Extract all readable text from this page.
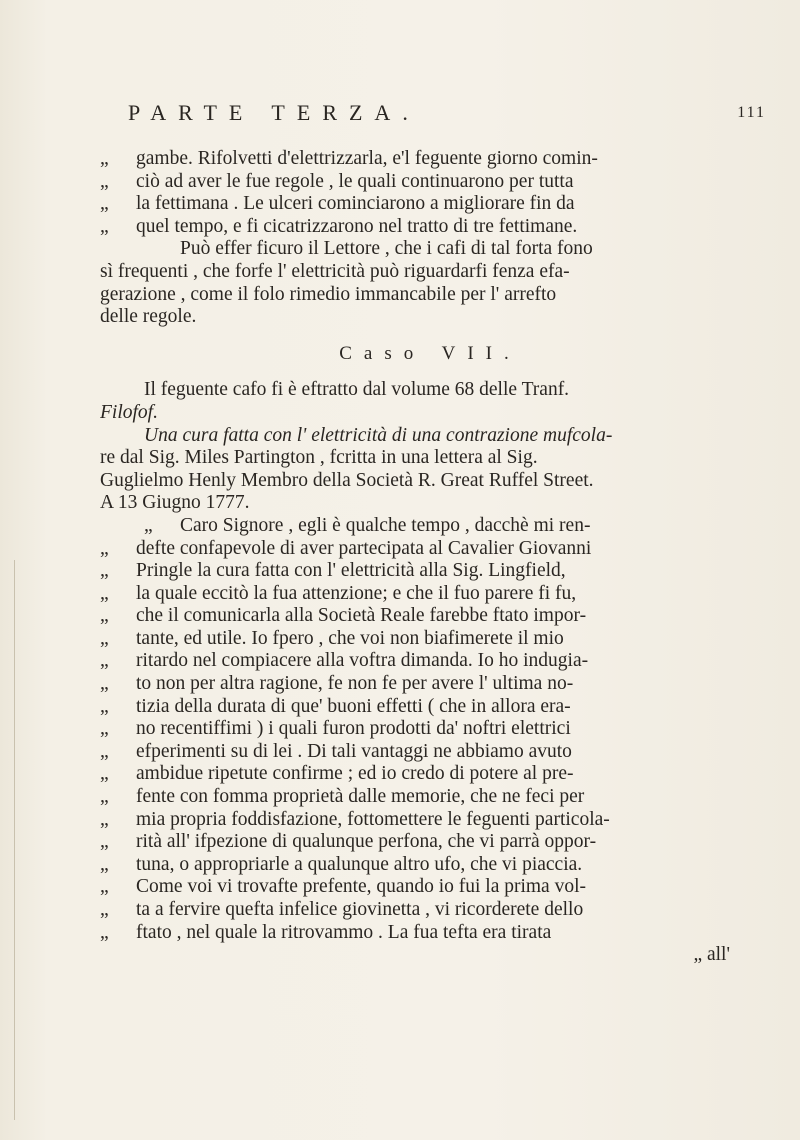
PARTE TERZA.	111
„ gambe. Rifolvetti d'elettrizzarla, e'l feguente giorno comin-
„ ciò ad aver le fue regole , le quali continuarono per tutta
„ la fettimana . Le ulceri cominciarono a migliorare fin da
„ quel tempo, e fi cicatrizzarono nel tratto di tre fettimane.
Può effer ficuro il Lettore , che i cafi di tal forta fono
sì frequenti , che forfe l' elettricità può riguardarfi fenza efa-
gerazione , come il folo rimedio immancabile per l' arrefto
delle regole.
Caso VII.
Il feguente cafo fi è eftratto dal volume 68 delle Tranf.
Filofof.
Una cura fatta con l' elettricità di una contrazione mufcola-
re dal Sig. Miles Partington , fcritta in una lettera al Sig.
Guglielmo Henly Membro della Società R. Great Ruffel Street.
A 13 Giugno 1777.
„ Caro Signore , egli è qualche tempo , dacchè mi ren-
„ defte confapevole di aver partecipata al Cavalier Giovanni
„ Pringle la cura fatta con l' elettricità alla Sig. Lingfield,
„ la quale eccitò la fua attenzione; e che il fuo parere fi fu,
„ che il comunicarla alla Società Reale farebbe ftato impor-
„ tante, ed utile. Io fpero , che voi non biafimerete il mio
„ ritardo nel compiacere alla voftra dimanda. Io ho indugia-
„ to non per altra ragione, fe non fe per avere l' ultima no-
„ tizia della durata di que' buoni effetti ( che in allora era-
„ no recentiffimi ) i quali furon prodotti da' noftri elettrici
„ efperimenti su di lei . Di tali vantaggi ne abbiamo avuto
„ ambidue ripetute confirme ; ed io credo di potere al pre-
„ fente con fomma proprietà dalle memorie, che ne feci per
„ mia propria foddisfazione, fottomettere le feguenti particola-
„ rità all' ifpezione di qualunque perfona, che vi parrà oppor-
„ tuna, o appropriarle a qualunque altro ufo, che vi piaccia.
„ Come voi vi trovafte prefente, quando io fui la prima vol-
„ ta a fervire quefta infelice giovinetta , vi ricorderete dello
„ ftato , nel quale la ritrovammo . La fua tefta era tirata
„ all'
